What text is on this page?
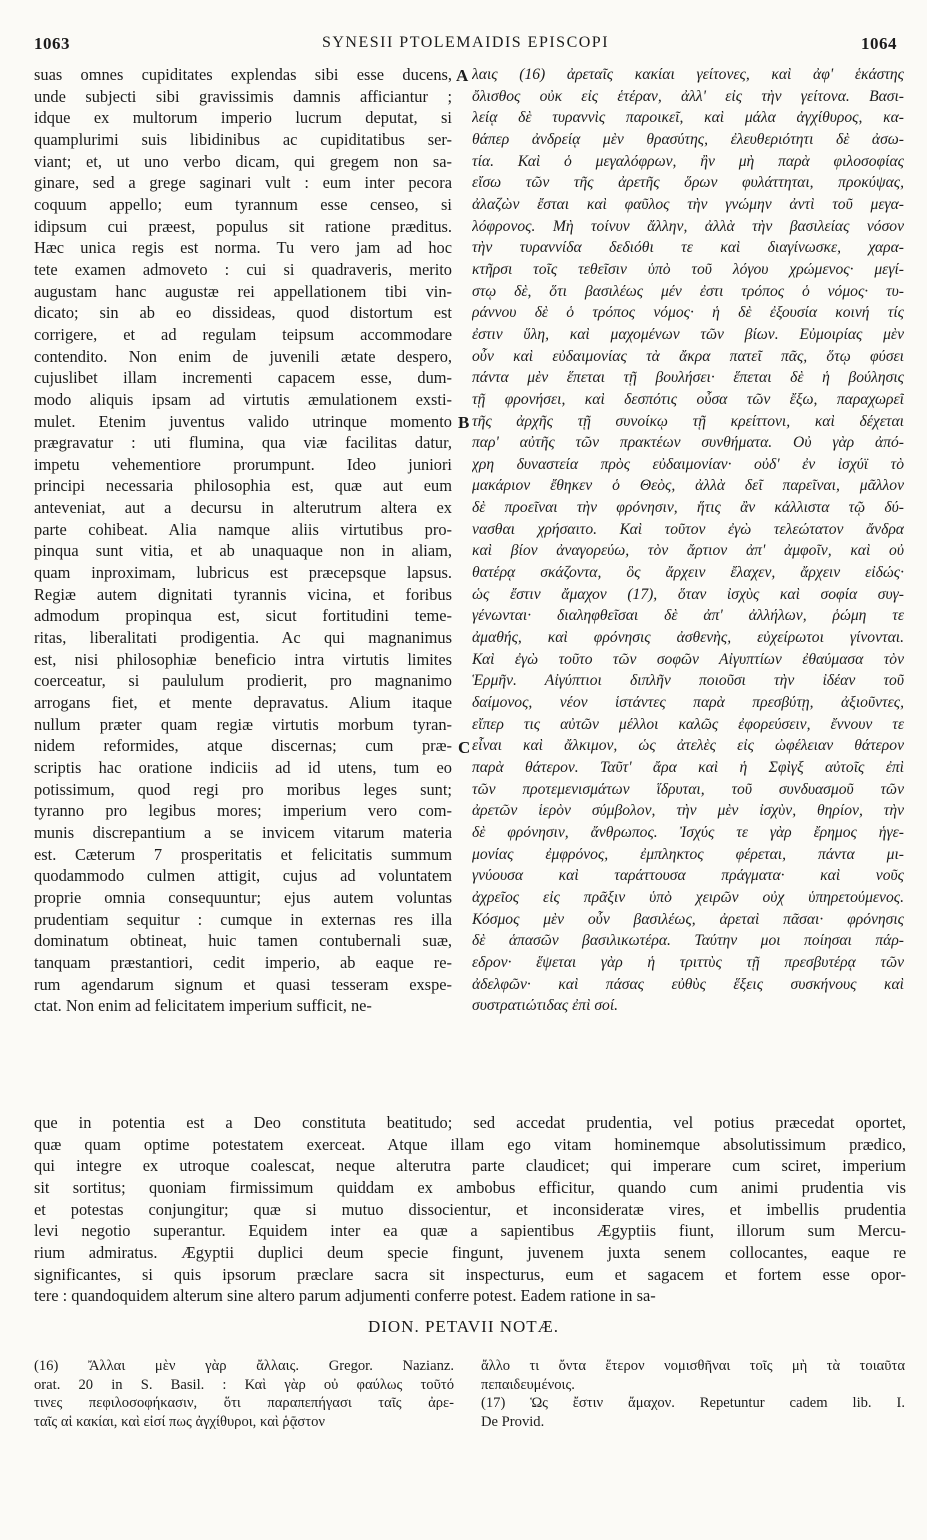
1063	SYNESII PTOLEMAIDIS EPISCOPI	1064
suas omnes cupiditates explendas sibi esse ducens,
unde subjecti sibi gravissimis damnis afficiantur ;
idque ex multorum imperio lucrum deputat, si
quamplurimi suis libidinibus ac cupiditatibus ser-
viant; et, ut uno verbo dicam, qui gregem non sa-
ginare, sed a grege saginari vult : eum inter pecora
coquum appello; eum tyrannum esse censeo, si
idipsum cui præest, populus sit ratione præditus.
Hæc unica regis est norma. Tu vero jam ad hoc
tete examen admoveto : cui si quadraveris, merito
augustam hanc augustæ rei appellationem tibi vin-
dicato; sin ab eo dissideas, quod distortum est
corrigere, et ad regulam teipsum accommodare
contendito. Non enim de juvenili ætate despero,
cujuslibet illam incrementi capacem esse, dum-
modo aliquis ipsam ad virtutis æmulationem exsti-
mulet. Etenim juventus valido utrinque momento
prægravatur : uti flumina, qua viæ facilitas datur,
impetu vehementiore prorumpunt. Ideo juniori
principi necessaria philosophia est, quæ aut eum
anteveniat, aut a decursu in alterutrum altera ex
parte cohibeat. Alia namque aliis virtutibus pro-
pinqua sunt vitia, et ab unaquaque non in aliam,
quam inproximam, lubricus est præcepsque lapsus.
Regiæ autem dignitati tyrannis vicina, et foribus
admodum propinqua est, sicut fortitudini teme-
ritas, liberalitati prodigentia. Ac qui magnanimus
est, nisi philosophiæ beneficio intra virtutis limites
coerceatur, si paululum prodierit, pro magnanimo
arrogans fiet, et mente depravatus. Alium itaque
nullum præter quam regiæ virtutis morbum tyran-
nidem reformides, atque discernas; cum præ-
scriptis hac oratione indiciis ad id utens, tum eo
potissimum, quod regi pro moribus leges sunt;
tyranno pro legibus mores; imperium vero com-
munis discrepantium a se invicem vitarum materia
est. Cæterum 7 prosperitatis et felicitatis summum
quodammodo culmen attigit, cujus ad voluntatem
proprie omnia consequuntur; ejus autem voluntas
prudentiam sequitur : cumque in externas res illa
dominatum obtineat, huic tamen contubernali suæ,
tanquam præstantiori, cedit imperio, ab eaque re-
rum agendarum signum et quasi tesseram exspe-
ctat. Non enim ad felicitatem imperium sufficit, ne-
A
B
C
λαις (16) ἀρεταῖς κακίαι γείτονες, καὶ ἀφ' ἑκάστης
ὄλισθος οὐκ εἰς ἑτέραν, ἀλλ' εἰς τὴν γείτονα. Βασι-
λείᾳ δὲ τυραννὶς παροικεῖ, καὶ μάλα ἀγχίθυρος, κα-
θάπερ ἀνδρείᾳ μὲν θρασύτης, ἐλευθεριότητι δὲ ἀσω-
τία. Καὶ ὁ μεγαλόφρων, ἢν μὴ παρὰ φιλοσοφίας
εἴσω τῶν τῆς ἀρετῆς ὅρων φυλάττηται, προκύψας,
ἀλαζὼν ἔσται καὶ φαῦλος τὴν γνώμην ἀντὶ τοῦ μεγα-
λόφρονος. Μὴ τοίνυν ἄλλην, ἀλλὰ τὴν βασιλείας νόσον
τὴν τυραννίδα δεδιόθι τε καὶ διαγίνωσκε, χαρα-
κτῆρσι τοῖς τεθεῖσιν ὑπὸ τοῦ λόγου χρώμενος· μεγί-
στῳ δὲ, ὅτι βασιλέως μέν ἐστι τρόπος ὁ νόμος· τυ-
ράννου δὲ ὁ τρόπος νόμος· ἡ δὲ ἐξουσία κοινή τίς
ἐστιν ὕλη, καὶ μαχομένων τῶν βίων. Εὐμοιρίας μὲν
οὖν καὶ εὐδαιμονίας τὰ ἄκρα πατεῖ πᾶς, ὅτῳ φύσει
πάντα μὲν ἕπεται τῇ βουλήσει· ἕπεται δὲ ἡ βούλησις
τῇ φρονήσει, καὶ δεσπότις οὖσα τῶν ἔξω, παραχωρεῖ
τῆς ἀρχῆς τῇ συνοίκῳ τῇ κρείττονι, καὶ δέχεται
παρ' αὐτῆς τῶν πρακτέων συνθήματα. Οὐ γὰρ ἀπό-
χρη δυναστεία πρὸς εὐδαιμονίαν· οὐδ' ἐν ἰσχύϊ τὸ
μακάριον ἔθηκεν ὁ Θεὸς, ἀλλὰ δεῖ παρεῖναι, μᾶλλον
δὲ προεῖναι τὴν φρόνησιν, ἥτις ἂν κάλλιστα τῷ δύ-
νασθαι χρήσαιτο. Καὶ τοῦτον ἐγὼ τελεώτατον ἄνδρα
καὶ βίον ἀναγορεύω, τὸν ἄρτιον ἀπ' ἀμφοῖν, καὶ οὐ
θατέρᾳ σκάζοντα, ὃς ἄρχειν ἔλαχεν, ἄρχειν εἰδώς·
ὡς ἔστιν ἄμαχον (17), ὅταν ἰσχὺς καὶ σοφία συγ-
γένωνται· διαληφθεῖσαι δὲ ἀπ' ἀλλήλων, ῥώμη τε
ἀμαθής, καὶ φρόνησις ἀσθενὴς, εὐχείρωτοι γίνονται.
Καὶ ἐγὼ τοῦτο τῶν σοφῶν Αἰγυπτίων ἐθαύμασα τὸν
Ἑρμῆν. Αἰγύπτιοι διπλῆν ποιοῦσι τὴν ἰδέαν τοῦ
δαίμονος, νέον ἱστάντες παρὰ πρεσβύτῃ, ἀξιοῦντες,
εἴπερ τις αὐτῶν μέλλοι καλῶς ἐφορεύσειν, ἔννουν τε
εἶναι καὶ ἄλκιμον, ὡς ἀτελὲς εἰς ὠφέλειαν θάτερον
παρὰ θάτερον. Ταῦτ' ἄρα καὶ ἡ Σφὶγξ αὐτοῖς ἐπὶ
τῶν προτεμενισμάτων ἵδρυται, τοῦ συνδυασμοῦ τῶν
ἀρετῶν ἱερὸν σύμβολον, τὴν μὲν ἰσχὺν, θηρίον, τὴν
δὲ φρόνησιν, ἄνθρωπος. Ἰσχύς τε γὰρ ἔρημος ἡγε-
μονίας ἐμφρόνος, ἐμπληκτος φέρεται, πάντα μι-
γνύουσα καὶ ταράττουσα πράγματα· καὶ νοῦς
ἀχρεῖος εἰς πρᾶξιν ὑπὸ χειρῶν οὐχ ὑπηρετούμενος.
Κόσμος μὲν οὖν βασιλέως, ἀρεταὶ πᾶσαι· φρόνησις
δὲ ἁπασῶν βασιλικωτέρα. Ταύτην μοι ποίησαι πάρ-
εδρον· ἕψεται γὰρ ἡ τριττὺς τῇ πρεσβυτέρᾳ τῶν
ἀδελφῶν· καὶ πάσας εὐθὺς ἕξεις συσκήνους καὶ
συστρατιώτιδας ἐπὶ σοί.
que in potentia est a Deo constituta beatitudo; sed accedat prudentia, vel potius præcedat oportet,
quæ quam optime potestatem exerceat. Atque illam ego vitam hominemque absolutissimum prædico,
qui integre ex utroque coalescat, neque alterutra parte claudicet; qui imperare cum sciret, imperium
sit sortitus; quoniam firmissimum quiddam ex ambobus efficitur, quando cum animi prudentia vis
et potestas conjungitur; quæ si mutuo dissocientur, et inconsideratæ vires, et imbellis prudentia
levi negotio superantur. Equidem inter ea quæ a sapientibus Ægyptiis fiunt, illorum sum Mercu-
rium admiratus. Ægyptii duplici deum specie fingunt, juvenem juxta senem collocantes, eaque re
significantes, si quis ipsorum præclare sacra sit inspecturus, eum et sagacem et fortem esse opor-
tere : quandoquidem alterum sine altero parum adjumenti conferre potest. Eadem ratione in sa-
DION. PETAVII NOTÆ.
(16) Ἄλλαι μὲν γὰρ ἄλλαις. Gregor. Nazianz.
orat. 20 in S. Basil. : Καὶ γὰρ οὐ φαύλως τοῦτό
τινες πεφιλοσοφήκασιν, ὅτι παραπεπήγασι ταῖς ἀρε-
ταῖς αἱ κακίαι, καὶ εἰσί πως ἀγχίθυροι, καὶ ῥᾷστον
ἄλλο τι ὄντα ἕτερον νομισθῆναι τοῖς μὴ τὰ τοιαῦτα
πεπαιδευμένοις.
(17) Ὡς ἔστιν ἄμαχον. Repetuntur cadem lib. I.
De Provid.
